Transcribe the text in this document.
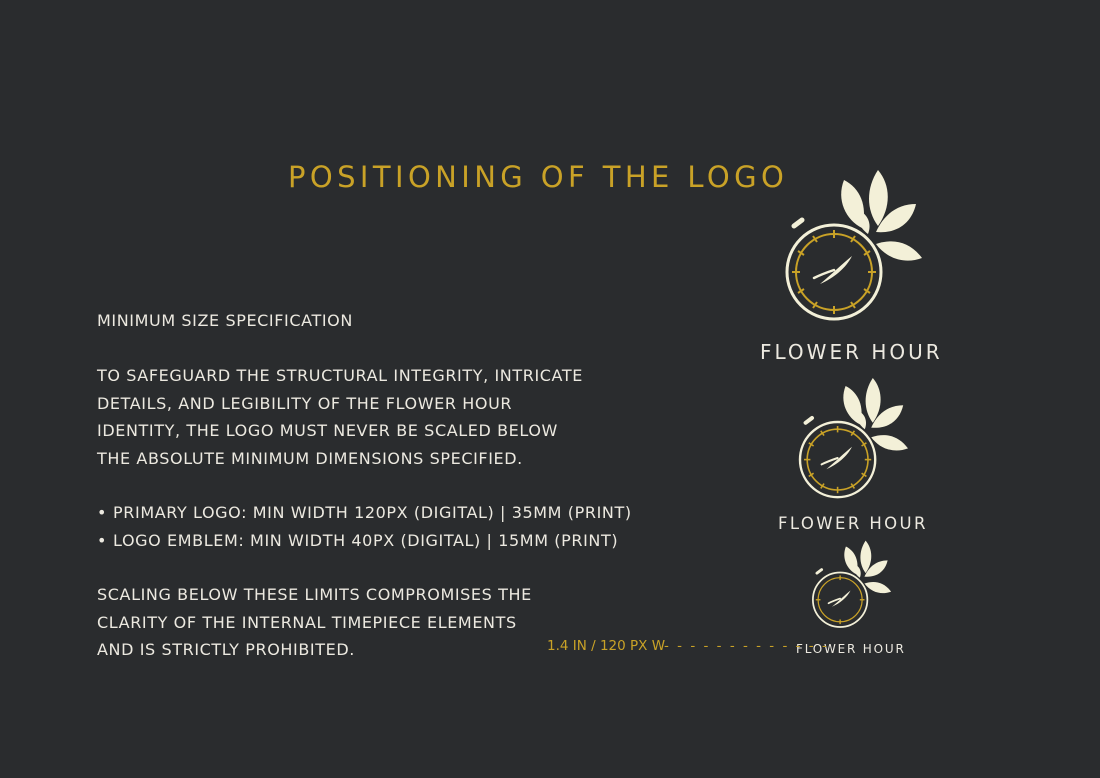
POSITIONING OF THE LOGO
MINIMUM SIZE SPECIFICATION
TO SAFEGUARD THE STRUCTURAL INTEGRITY, INTRICATE
DETAILS, AND LEGIBILITY OF THE FLOWER HOUR
IDENTITY, THE LOGO MUST NEVER BE SCALED BELOW
THE ABSOLUTE MINIMUM DIMENSIONS SPECIFIED.
• PRIMARY LOGO: MIN WIDTH 120PX (DIGITAL) | 35MM (PRINT)
• LOGO EMBLEM: MIN WIDTH 40PX (DIGITAL) | 15MM (PRINT)
SCALING BELOW THESE LIMITS COMPROMISES THE
CLARITY OF THE INTERNAL TIMEPIECE ELEMENTS
AND IS STRICTLY PROHIBITED.
FLOWER HOUR
FLOWER HOUR
FLOWER HOUR
1.4 IN / 120 PX W
- - - - - - - - - - - - -
